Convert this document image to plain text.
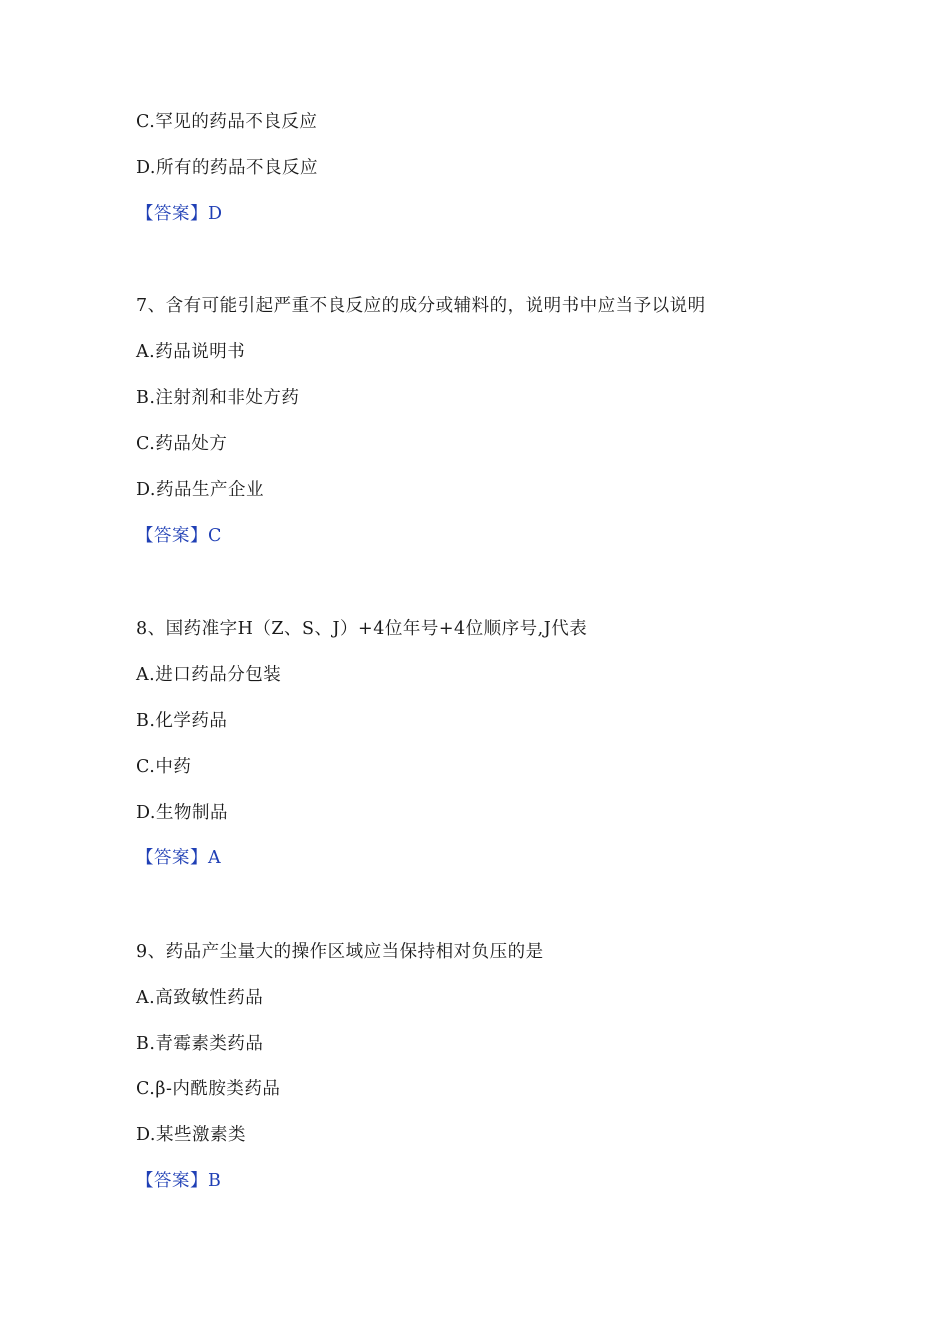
C.罕见的药品不良反应
D.所有的药品不良反应
【答案】D
7、含有可能引起严重不良反应的成分或辅料的，说明书中应当予以说明
A.药品说明书
B.注射剂和非处方药
C.药品处方
D.药品生产企业
【答案】C
8、国药准字H（Z、S、J）+4位年号+4位顺序号,J代表
A.进口药品分包装
B.化学药品
C.中药
D.生物制品
【答案】A
9、药品产尘量大的操作区域应当保持相对负压的是
A.高致敏性药品
B.青霉素类药品
C.β-内酰胺类药品
D.某些激素类
【答案】B
